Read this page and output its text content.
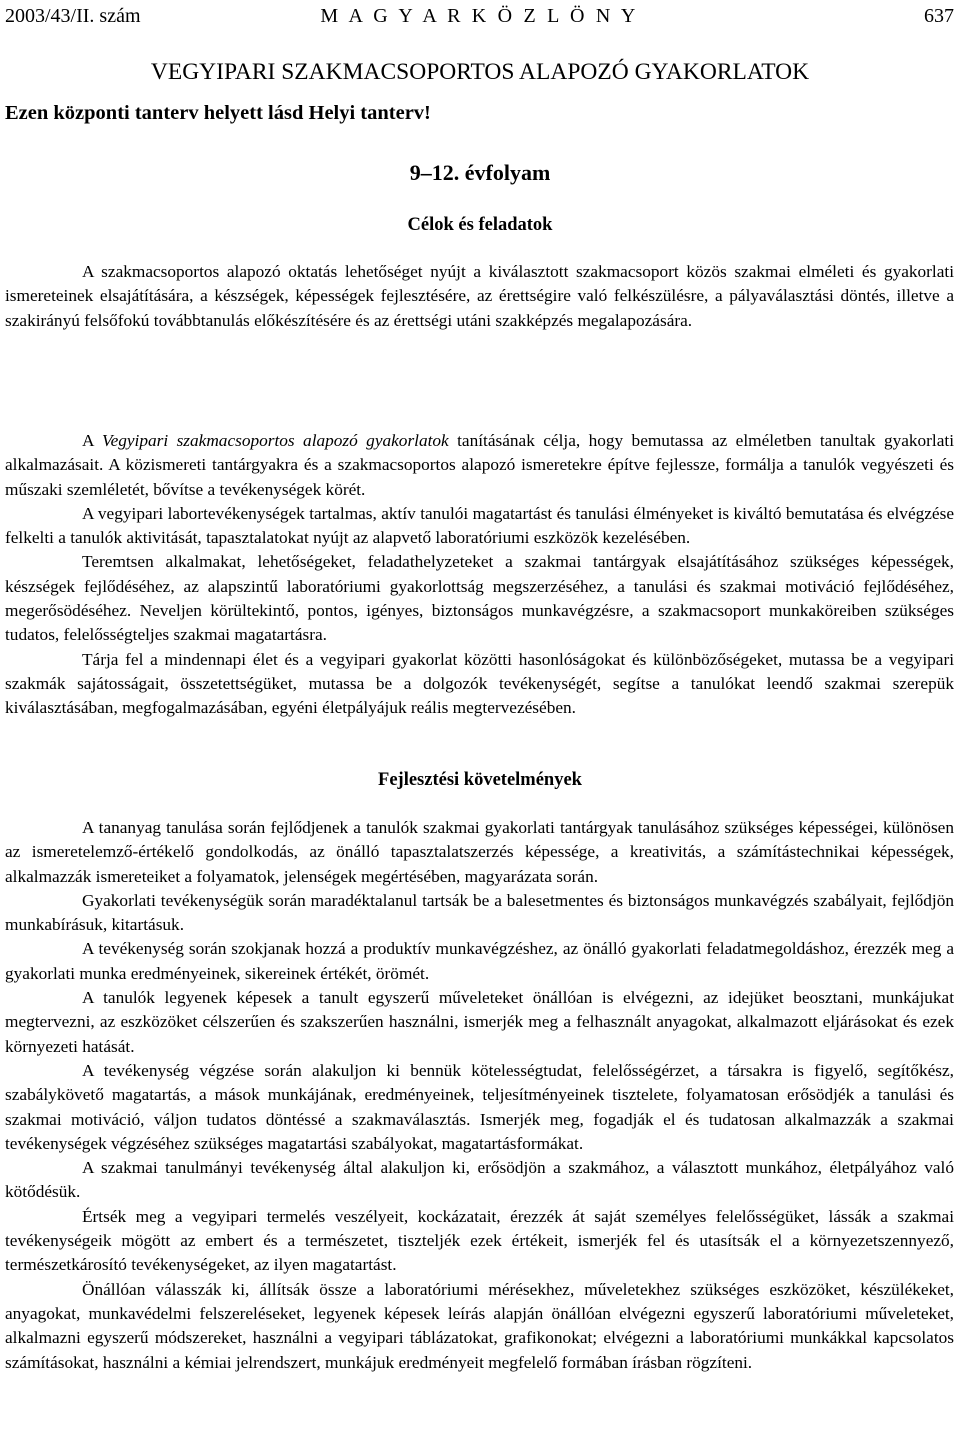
2003/43/II. szám	M A G Y A R K Ö Z L Ö N Y	637
VEGYIPARI SZAKMACSOPORTOS ALAPOZÓ GYAKORLATOK
Ezen központi tanterv helyett lásd Helyi tanterv!
9–12. évfolyam
Célok és feladatok

A szakmacsoportos alapozó oktatás lehetőséget nyújt a kiválasztott szakmacsoport közös szakmai elméleti és gyakorlati ismereteinek elsajátítására, a készségek, képességek fejlesztésére, az érettségire való felkészülésre, a pályaválasztási döntés, illetve a szakirányú felsőfokú továbbtanulás előkészítésére és az érettségi utáni szakképzés megalapozására.

A Vegyipari szakmacsoportos alapozó gyakorlatok tanításának célja, hogy bemutassa az elméletben tanultak gyakorlati alkalmazásait. A közismereti tantárgyakra és a szakmacsoportos alapozó ismeretekre építve fejlessze, formálja a tanulók vegyészeti és műszaki szemléletét, bővítse a tevékenységek körét.

A vegyipari labortevékenységek tartalmas, aktív tanulói magatartást és tanulási élményeket is kiváltó bemutatása és elvégzése felkelti a tanulók aktivitását, tapasztalatokat nyújt az alapvető laboratóriumi eszközök kezelésében.

Teremtsen alkalmakat, lehetőségeket, feladathelyzeteket a szakmai tantárgyak elsajátításához szükséges képességek, készségek fejlődéséhez, az alapszintű laboratóriumi gyakorlottság megszerzéséhez, a tanulási és szakmai motiváció fejlődéséhez, megerősödéséhez. Neveljen körültekintő, pontos, igényes, biztonságos munkavégzésre, a szakmacsoport munkaköreiben szükséges tudatos, felelősségteljes szakmai magatartásra.

Tárja fel a mindennapi élet és a vegyipari gyakorlat közötti hasonlóságokat és különbözőségeket, mutassa be a vegyipari szakmák sajátosságait, összetettségüket, mutassa be a dolgozók tevékenységét, segítse a tanulókat leendő szakmai szerepük kiválasztásában, megfogalmazásában, egyéni életpályájuk reális megtervezésében.

Fejlesztési követelmények

A tananyag tanulása során fejlődjenek a tanulók szakmai gyakorlati tantárgyak tanulásához szükséges képességei, különösen az ismeretelemző-értékelő gondolkodás, az önálló tapasztalatszerzés képessége, a kreativitás, a számítástechnikai képességek, alkalmazzák ismereteiket a folyamatok, jelenségek megértésében, magyarázata során.

Gyakorlati tevékenységük során maradéktalanul tartsák be a balesetmentes és biztonságos munkavégzés szabályait, fejlődjön munkabírásuk, kitartásuk.

A tevékenység során szokjanak hozzá a produktív munkavégzéshez, az önálló gyakorlati feladatmegoldáshoz, érezzék meg a gyakorlati munka eredményeinek, sikereinek értékét, örömét.

A tanulók legyenek képesek a tanult egyszerű műveleteket önállóan is elvégezni, az idejüket beosztani, munkájukat megtervezni, az eszközöket célszerűen és szakszerűen használni, ismerjék meg a felhasznált anyagokat, alkalmazott eljárásokat és ezek környezeti hatását.

A tevékenység végzése során alakuljon ki bennük kötelességtudat, felelősségérzet, a társakra is figyelő, segítőkész, szabálykövető magatartás, a mások munkájának, eredményeinek, teljesítményeinek tisztelete, folyamatosan erősödjék a tanulási és szakmai motiváció, váljon tudatos döntéssé a szakmaválasztás. Ismerjék meg, fogadják el és tudatosan alkalmazzák a szakmai tevékenységek végzéséhez szükséges magatartási szabályokat, magatartásformákat.

A szakmai tanulmányi tevékenység által alakuljon ki, erősödjön a szakmához, a választott munkához, életpályához való kötődésük.

Értsék meg a vegyipari termelés veszélyeit, kockázatait, érezzék át saját személyes felelősségüket, lássák a szakmai tevékenységeik mögött az embert és a természetet, tiszteljék ezek értékeit, ismerjék fel és utasítsák el a környezetszennyező, természetkárosító tevékenységeket, az ilyen magatartást.

Önállóan válasszák ki, állítsák össze a laboratóriumi mérésekhez, műveletekhez szükséges eszközöket, készülékeket, anyagokat, munkavédelmi felszereléseket, legyenek képesek leírás alapján önállóan elvégezni egyszerű laboratóriumi műveleteket, alkalmazni egyszerű módszereket, használni a vegyipari táblázatokat, grafikonokat; elvégezni a laboratóriumi munkákkal kapcsolatos számításokat, használni a kémiai jelrendszert, munkájuk eredményeit megfelelő formában írásban rögzíteni.
